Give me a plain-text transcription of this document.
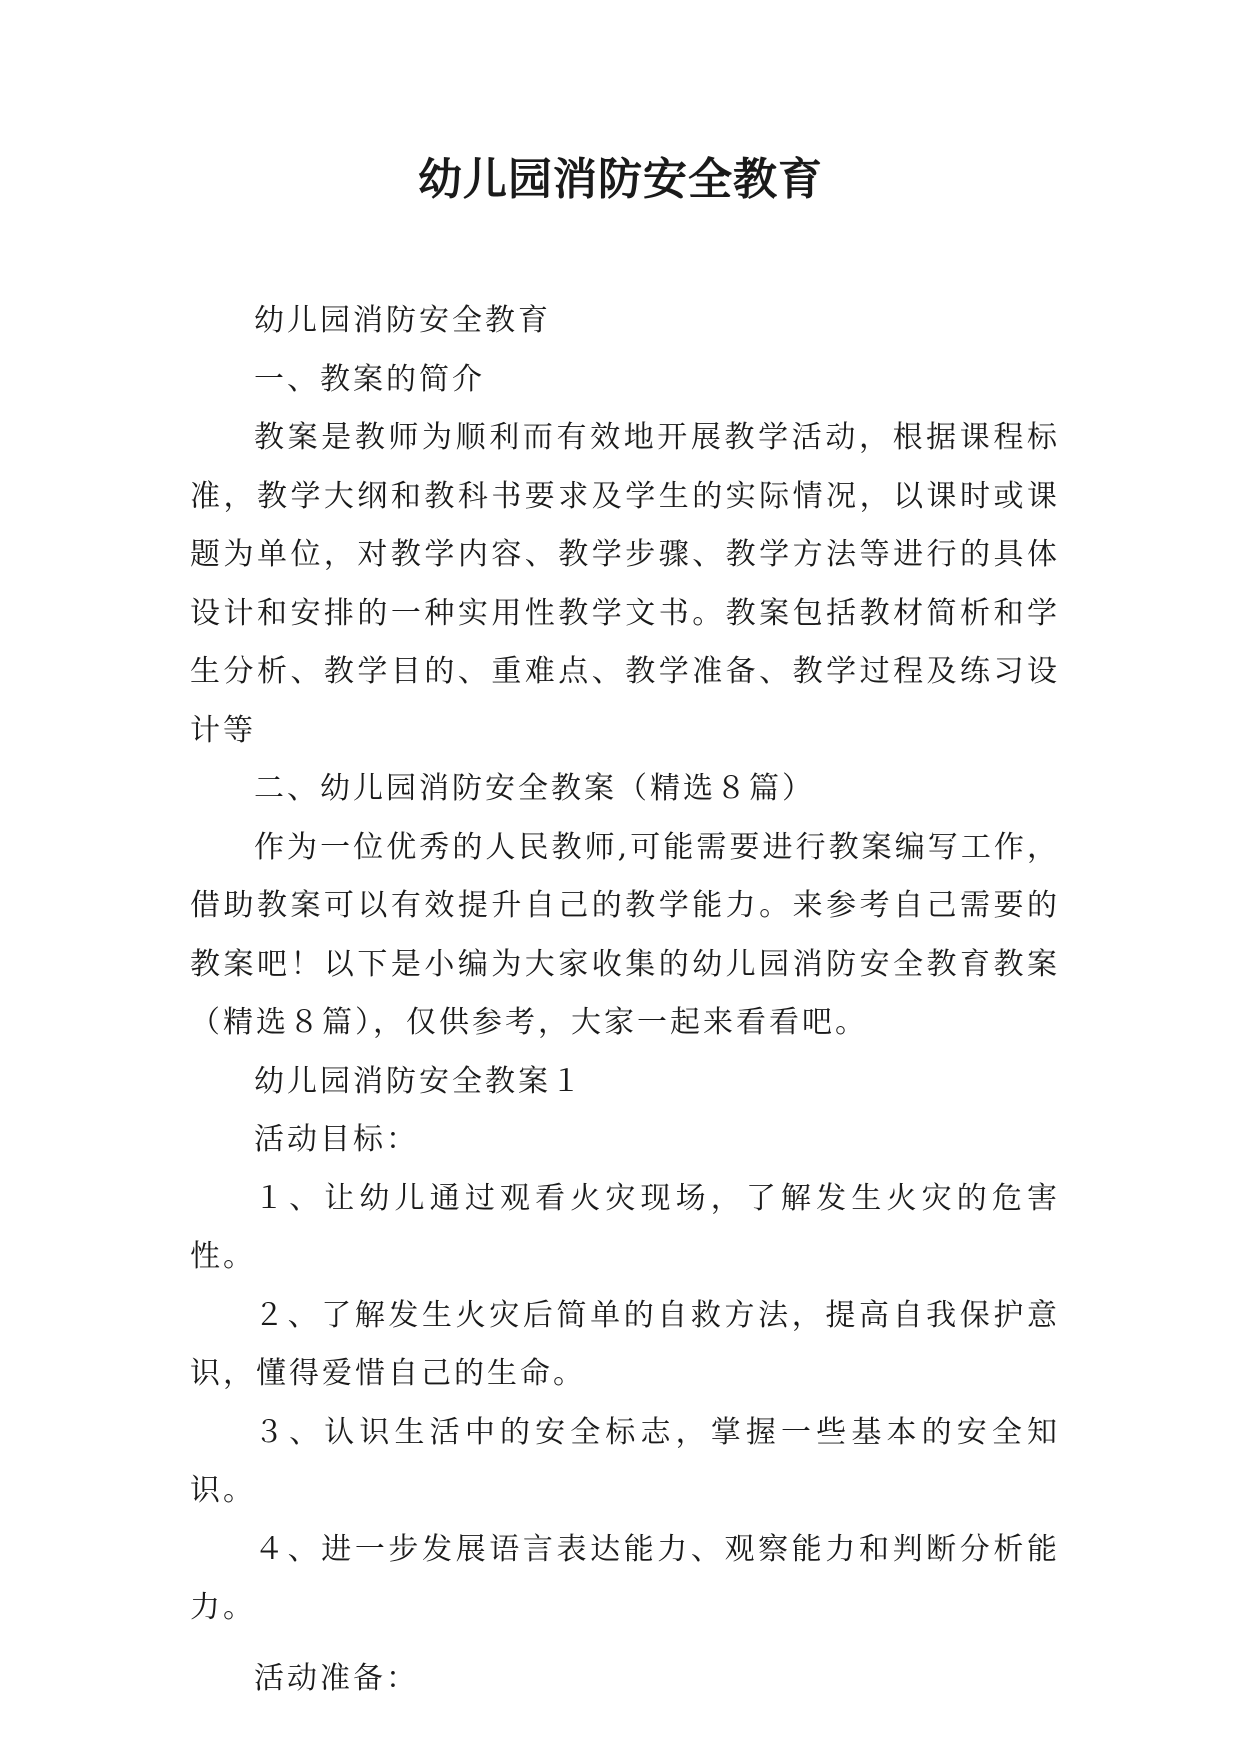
幼儿园消防安全教育

幼儿园消防安全教育

一、教案的简介

教案是教师为顺利而有效地开展教学活动，根据课程标准，教学大纲和教科书要求及学生的实际情况，以课时或课题为单位，对教学内容、教学步骤、教学方法等进行的具体设计和安排的一种实用性教学文书。教案包括教材简析和学生分析、教学目的、重难点、教学准备、教学过程及练习设计等

二、幼儿园消防安全教案（精选８篇）

作为一位优秀的人民教师,可能需要进行教案编写工作，借助教案可以有效提升自己的教学能力。来参考自己需要的教案吧！以下是小编为大家收集的幼儿园消防安全教育教案（精选８篇），仅供参考，大家一起来看看吧。

幼儿园消防安全教案１

活动目标：

１、让幼儿通过观看火灾现场，了解发生火灾的危害性。

２、了解发生火灾后简单的自救方法，提高自我保护意识，懂得爱惜自己的生命。

３、认识生活中的安全标志，掌握一些基本的安全知识。

４、进一步发展语言表达能力、观察能力和判断分析能力。

活动准备：
